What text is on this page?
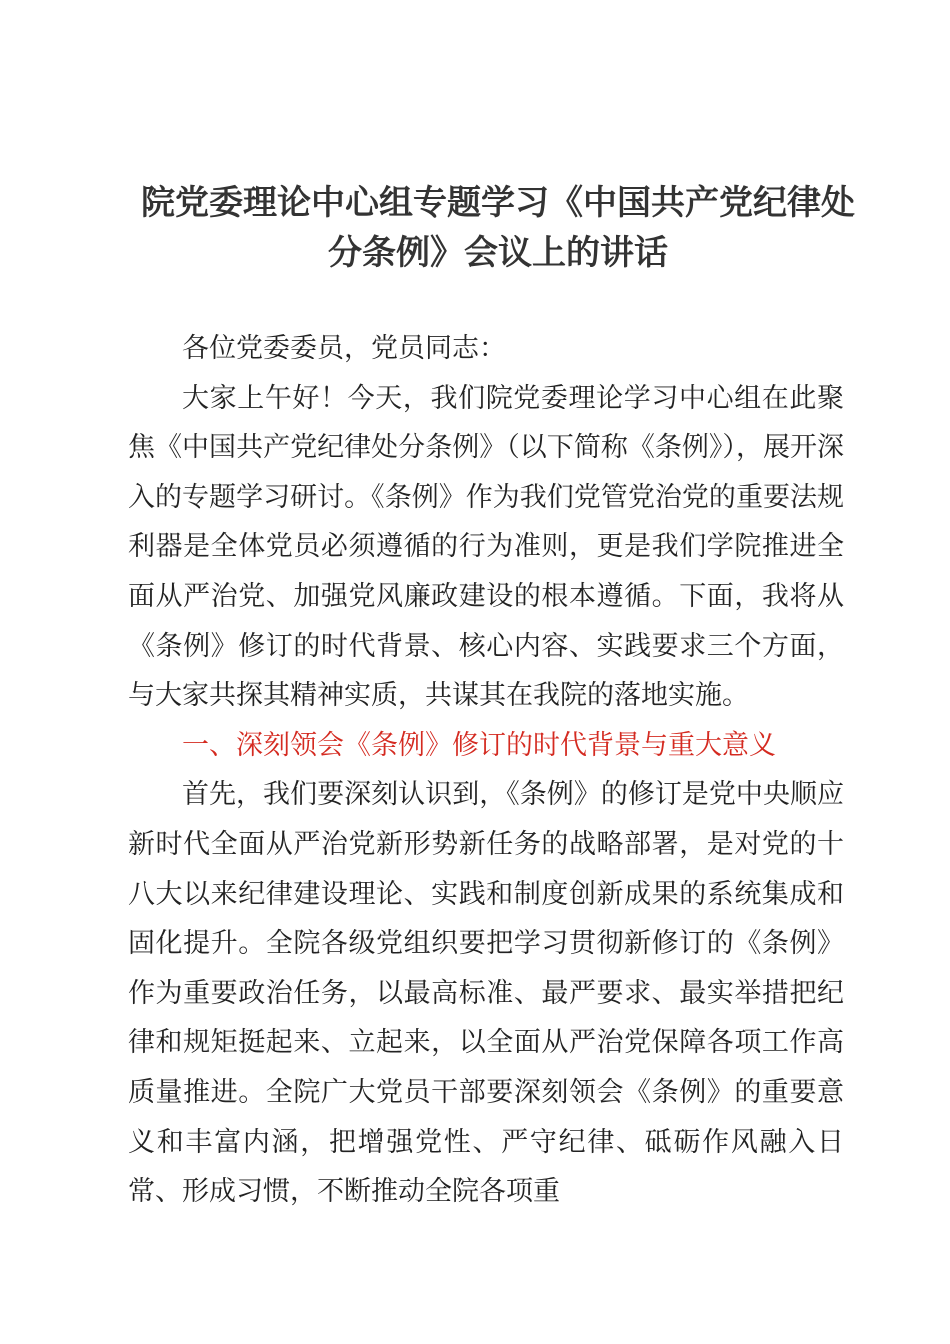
院党委理论中心组专题学习《中国共产党纪律处分条例》会议上的讲话

各位党委委员，党员同志：

大家上午好！今天，我们院党委理论学习中心组在此聚焦《中国共产党纪律处分条例》（以下简称《条例》），展开深入的专题学习研讨。《条例》作为我们党管党治党的重要法规利器是全体党员必须遵循的行为准则，更是我们学院推进全面从严治党、加强党风廉政建设的根本遵循。下面，我将从《条例》修订的时代背景、核心内容、实践要求三个方面，与大家共探其精神实质，共谋其在我院的落地实施。

一、深刻领会《条例》修订的时代背景与重大意义

首先，我们要深刻认识到，《条例》的修订是党中央顺应新时代全面从严治党新形势新任务的战略部署，是对党的十八大以来纪律建设理论、实践和制度创新成果的系统集成和固化提升。全院各级党组织要把学习贯彻新修订的《条例》作为重要政治任务，以最高标准、最严要求、最实举措把纪律和规矩挺起来、立起来，以全面从严治党保障各项工作高质量推进。全院广大党员干部要深刻领会《条例》的重要意义和丰富内涵，把增强党性、严守纪律、砥砺作风融入日常、形成习惯，不断推动全院各项重
